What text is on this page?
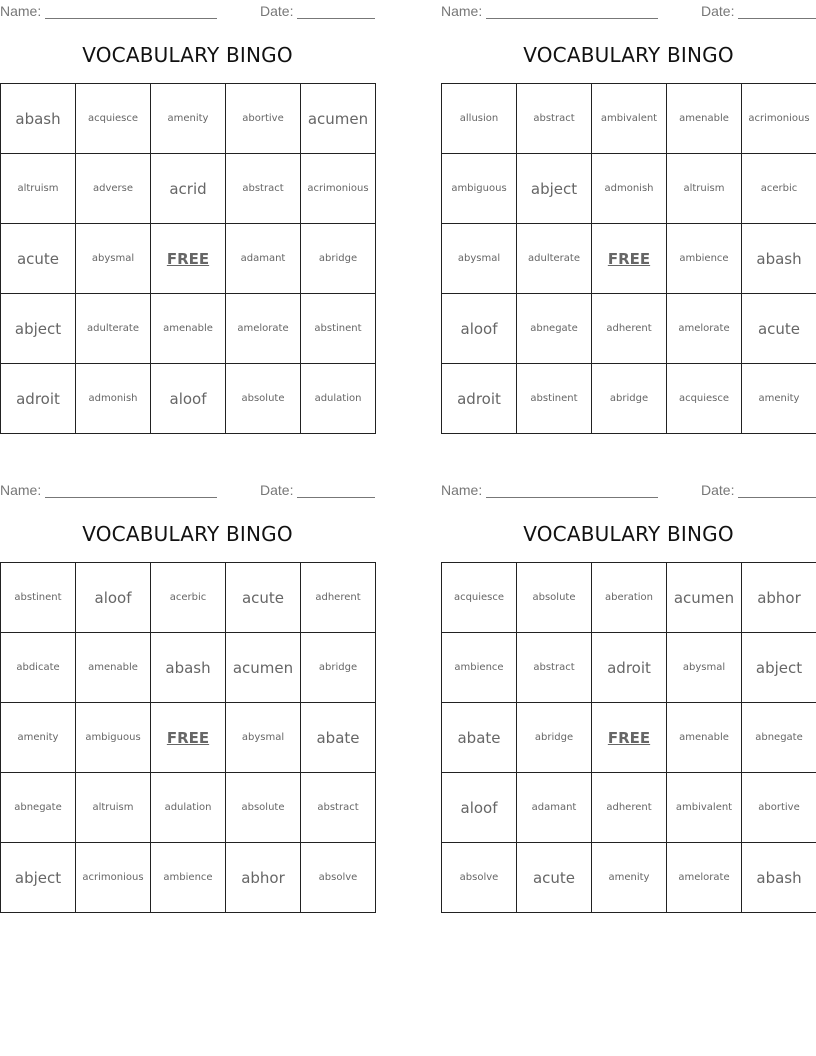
Name:	Date:
VOCABULARY BINGO
abash	acquiesce	amenity	abortive	acumen
altruism	adverse	acrid	abstract	acrimonious
acute	abysmal	FREE	adamant	abridge
abject	adulterate	amenable	amelorate	abstinent
adroit	admonish	aloof	absolute	adulation
Name:	Date:
VOCABULARY BINGO
allusion	abstract	ambivalent	amenable	acrimonious
ambiguous	abject	admonish	altruism	acerbic
abysmal	adulterate	FREE	ambience	abash
aloof	abnegate	adherent	amelorate	acute
adroit	abstinent	abridge	acquiesce	amenity
Name:	Date:
VOCABULARY BINGO
abstinent	aloof	acerbic	acute	adherent
abdicate	amenable	abash	acumen	abridge
amenity	ambiguous	FREE	abysmal	abate
abnegate	altruism	adulation	absolute	abstract
abject	acrimonious	ambience	abhor	absolve
Name:	Date:
VOCABULARY BINGO
acquiesce	absolute	aberation	acumen	abhor
ambience	abstract	adroit	abysmal	abject
abate	abridge	FREE	amenable	abnegate
aloof	adamant	adherent	ambivalent	abortive
absolve	acute	amenity	amelorate	abash
